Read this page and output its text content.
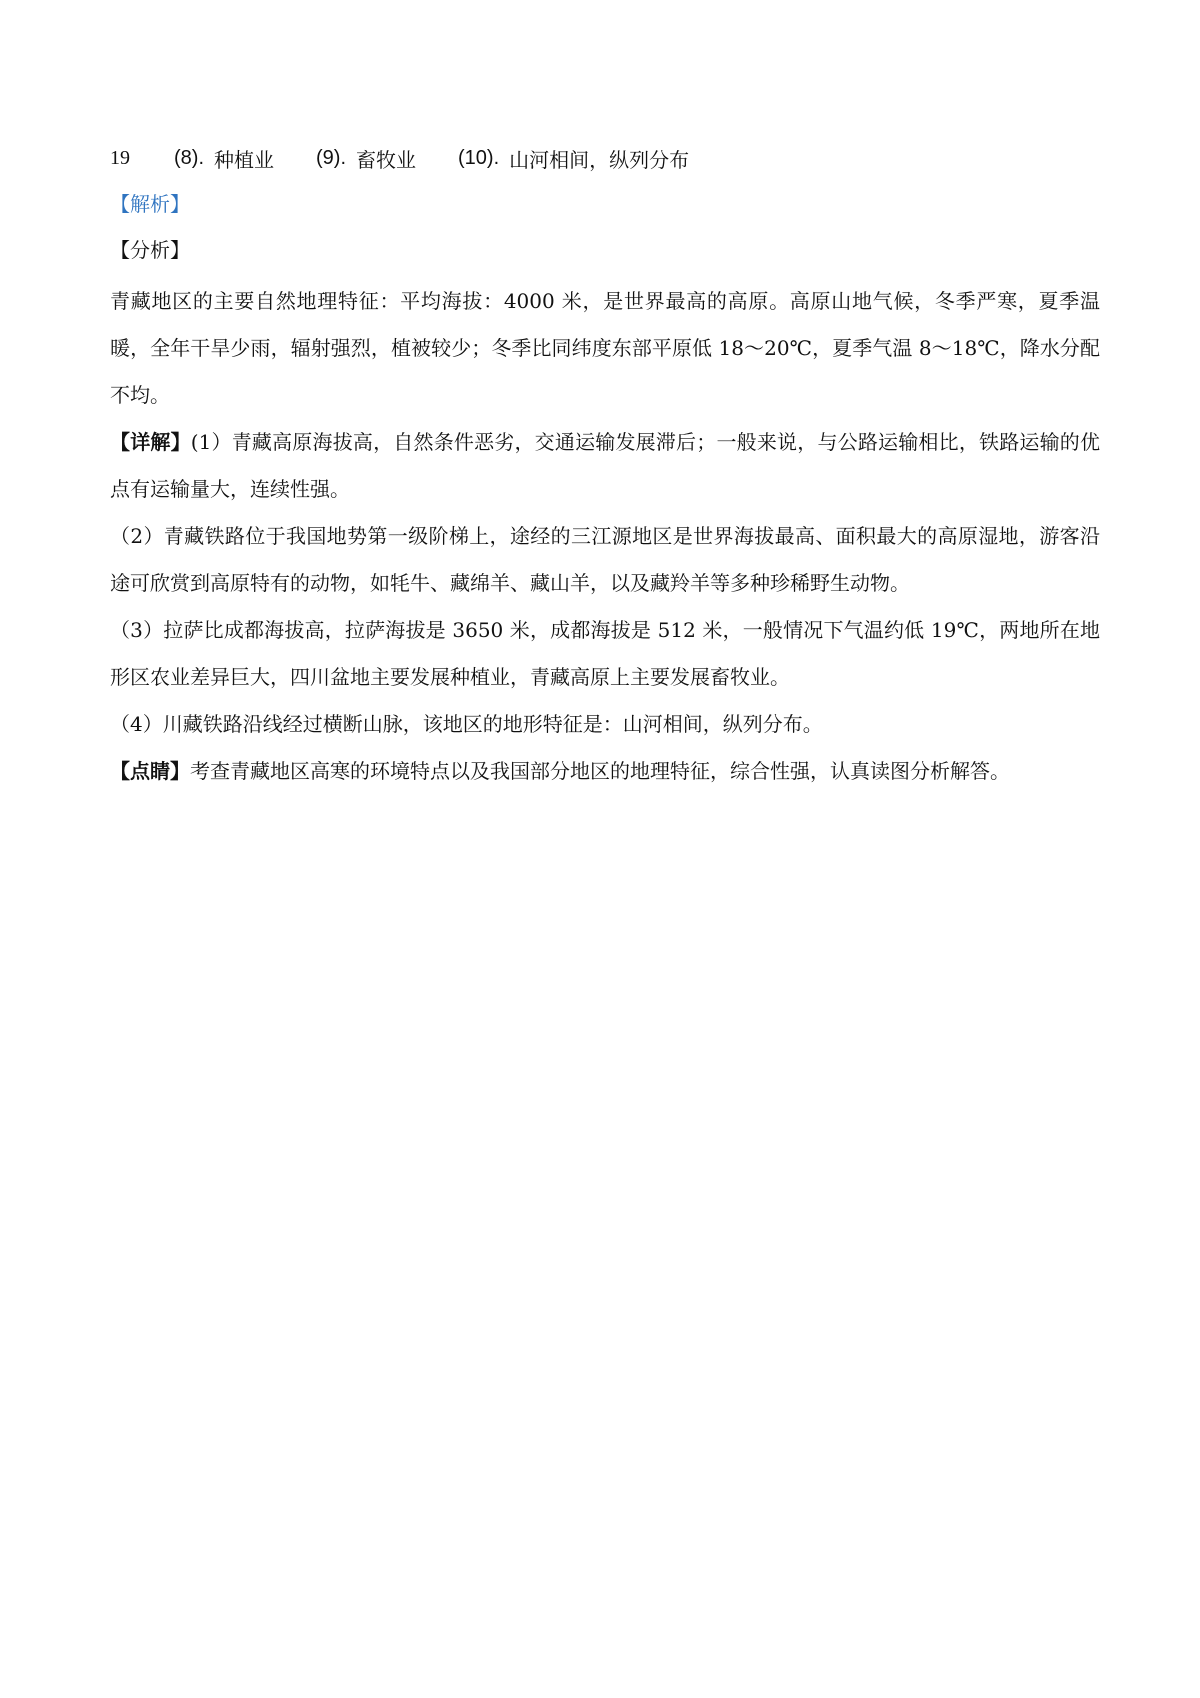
19	(8). 种植业 (9). 畜牧业 (10). 山河相间，纵列分布
【解析】
【分析】

青藏地区的主要自然地理特征：平均海拔：4000 米，是世界最高的高原。高原山地气候，冬季严寒，夏季温暖，全年干旱少雨，辐射强烈，植被较少；冬季比同纬度东部平原低 18～20℃，夏季气温 8～18℃，降水分配不均。

【详解】(1）青藏高原海拔高，自然条件恶劣，交通运输发展滞后；一般来说，与公路运输相比，铁路运输的优点有运输量大，连续性强。

（2）青藏铁路位于我国地势第一级阶梯上，途经的三江源地区是世界海拔最高、面积最大的高原湿地，游客沿途可欣赏到高原特有的动物，如牦牛、藏绵羊、藏山羊，以及藏羚羊等多种珍稀野生动物。

（3）拉萨比成都海拔高，拉萨海拔是 3650 米，成都海拔是 512 米，一般情况下气温约低 19℃，两地所在地形区农业差异巨大，四川盆地主要发展种植业，青藏高原上主要发展畜牧业。

（4）川藏铁路沿线经过横断山脉，该地区的地形特征是：山河相间，纵列分布。

【点睛】考查青藏地区高寒的环境特点以及我国部分地区的地理特征，综合性强，认真读图分析解答。
